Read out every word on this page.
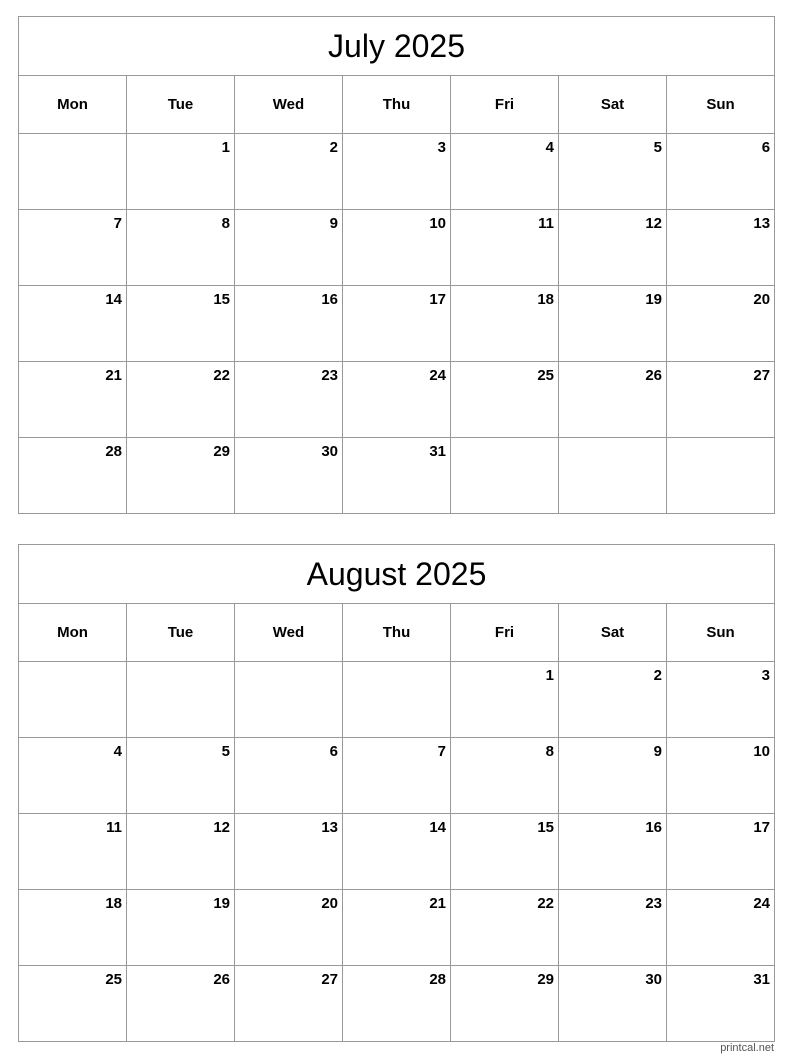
July 2025						
Mon	Tue	Wed	Thu	Fri	Sat	Sun

	1	2	3	4	5	6

7	8	9	10	11	12	13

14	15	16	17	18	19	20

21	22	23	24	25	26	27

28	29	30	31			

August 2025						
Mon	Tue	Wed	Thu	Fri	Sat	Sun

				1	2	3

4	5	6	7	8	9	10

11	12	13	14	15	16	17

18	19	20	21	22	23	24

25	26	27	28	29	30	31
printcal.net
